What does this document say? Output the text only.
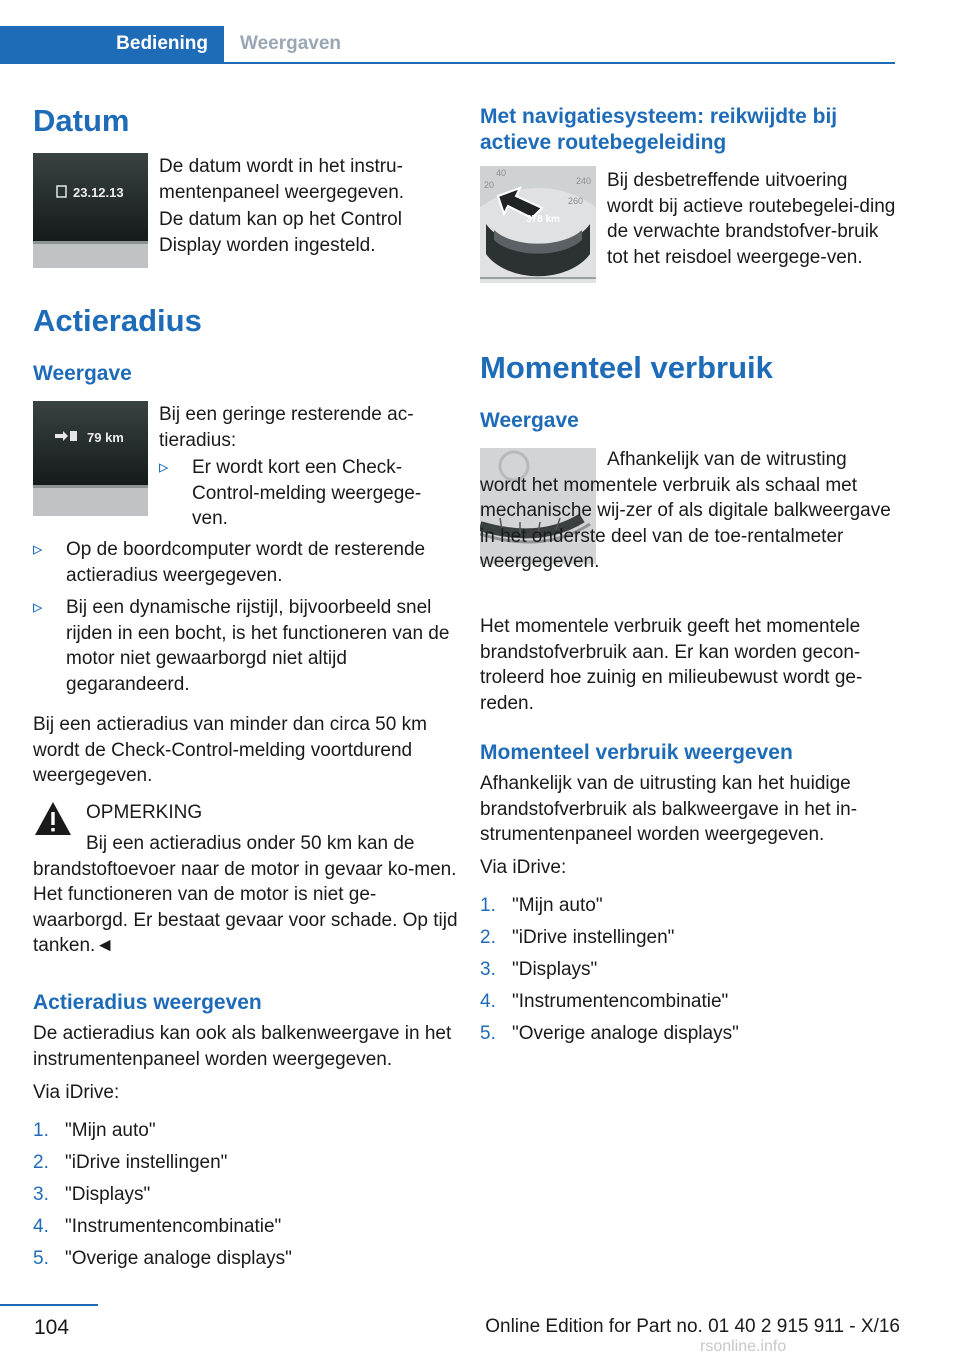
Bediening	Weergaven
Datum
23.12.13
De datum wordt in het instru‐mentenpaneel weergegeven.
De datum kan op het Control Display worden ingesteld.
Actieradius
Weergave
79 km
Bij een geringe resterende ac‐tieradius:
▹ Er wordt kort een Check-Control-melding weergege‐ven.
▹ Op de boordcomputer wordt de resterende actieradius weergegeven.
▹ Bij een dynamische rijstijl, bijvoorbeeld snel rijden in een bocht, is het functioneren van de motor niet gewaarborgd niet altijd gegarandeerd.
Bij een actieradius van minder dan circa 50 km wordt de Check-Control-melding voortdurend weergegeven.
OPMERKING
Bij een actieradius onder 50 km kan de brandstoftoevoer naar de motor in gevaar ko‐men. Het functioneren van de motor is niet ge‐waarborgd. Er bestaat gevaar voor schade. Op tijd tanken.◄
Actieradius weergeven
De actieradius kan ook als balkenweergave in het instrumentenpaneel worden weergegeven.
Via iDrive:
1. "Mijn auto"
2. "iDrive instellingen"
3. "Displays"
4. "Instrumentencombinatie"
5. "Overige analoge displays"
Met navigatiesysteem: reikwijdte bij actieve routebegeleiding
20
40
240
260
378 km
400
Bij desbetreffende uitvoering wordt bij actieve routebegelei‐ding de verwachte brandstofver‐bruik tot het reisdoel weergege‐ven.
Momenteel verbruik
Weergave
Afhankelijk van de witrusting wordt het momentele verbruik als schaal met mechanische wij‐zer of als digitale balkweergave in het onderste deel van de toe‐rentalmeter weergegeven.
Het momentele verbruik geeft het momentele brandstofverbruik aan. Er kan worden gecon‐troleerd hoe zuinig en milieubewust wordt ge‐reden.
Momenteel verbruik weergeven
Afhankelijk van de uitrusting kan het huidige brandstofverbruik als balkweergave in het in‐strumentenpaneel worden weergegeven.
Via iDrive:
1. "Mijn auto"
2. "iDrive instellingen"
3. "Displays"
4. "Instrumentencombinatie"
5. "Overige analoge displays"
104	Online Edition for Part no. 01 40 2 915 911 - X/16
rsonline.info
